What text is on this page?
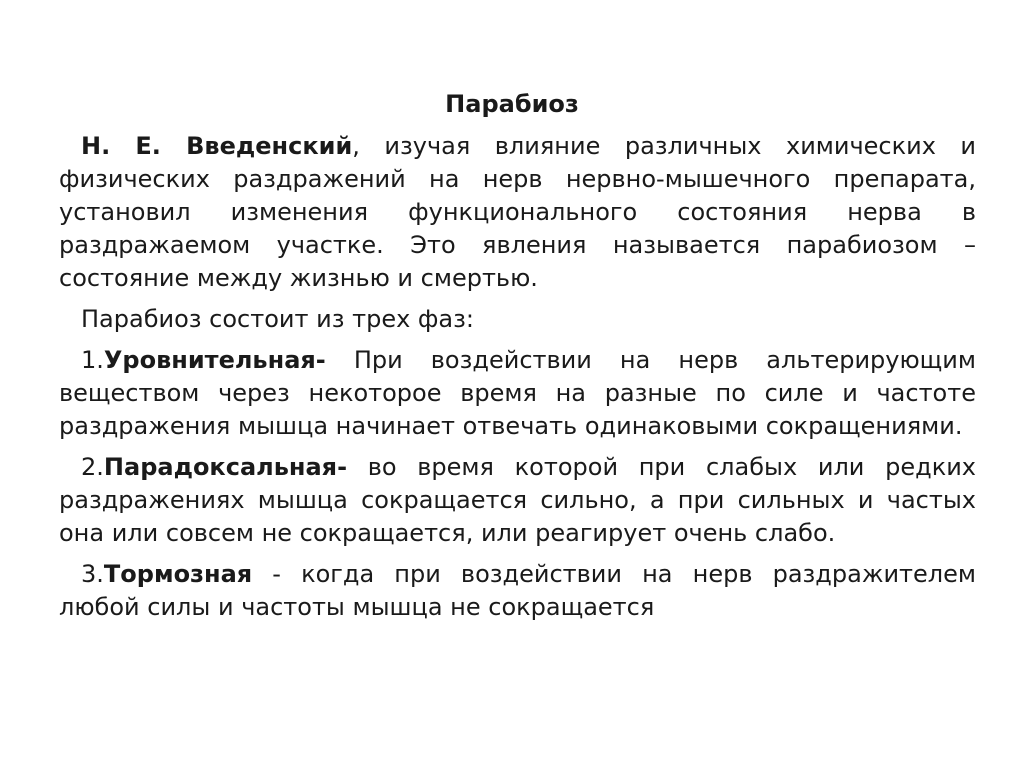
Парабиоз

Н. Е. Введенский, изучая влияние различных химических и физических раздражений на нерв нервно-мышечного препарата, установил изменения функционального состояния нерва в раздражаемом участке. Это явления называется парабиозом – состояние между жизнью и смертью.

Парабиоз состоит из трех фаз:

1.Уровнительная- При воздействии на нерв альтерирующим веществом через некоторое время на разные по силе и частоте раздражения мышца начинает отвечать одинаковыми сокращениями.

2.Парадоксальная- во время которой при слабых или редких раздражениях мышца сокращается сильно, а при сильных и частых она или совсем не сокращается, или реагирует очень слабо.

3.Тормозная - когда при воздействии на нерв раздражителем любой силы и частоты мышца не сокращается
